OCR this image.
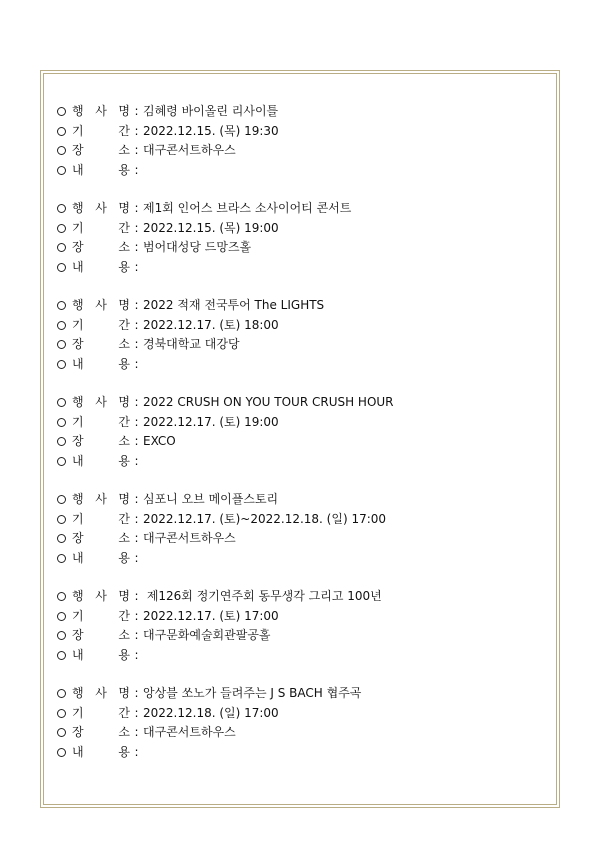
행 사 명 : 김혜령 바이올린 리사이틀
기	간 : 2022.12.15. (목) 19:30
장	소 : 대구콘서트하우스
내	용 :
행 사 명 : 제1회 인어스 브라스 소사이어티 콘서트
기	간 : 2022.12.15. (목) 19:00
장	소 : 범어대성당 드망즈홀
내	용 :
행 사 명 : 2022 적재 전국투어 The LIGHTS
기	간 : 2022.12.17. (토) 18:00
장	소 : 경북대학교 대강당
내	용 :
행 사 명 : 2022 CRUSH ON YOU TOUR CRUSH HOUR
기	간 : 2022.12.17. (토) 19:00
장	소 : EXCO
내	용 :
행 사 명 : 심포니 오브 메이플스토리
기	간 : 2022.12.17. (토)~2022.12.18. (일) 17:00
장	소 : 대구콘서트하우스
내	용 :
행 사 명 : 제126회 정기연주회 동무생각 그리고 100년
기	간 : 2022.12.17. (토) 17:00
장	소 : 대구문화예술회관팔공홀
내	용 :
행 사 명 : 앙상블 쏘노가 들려주는 J S BACH 협주곡
기	간 : 2022.12.18. (일) 17:00
장	소 : 대구콘서트하우스
내	용 :
